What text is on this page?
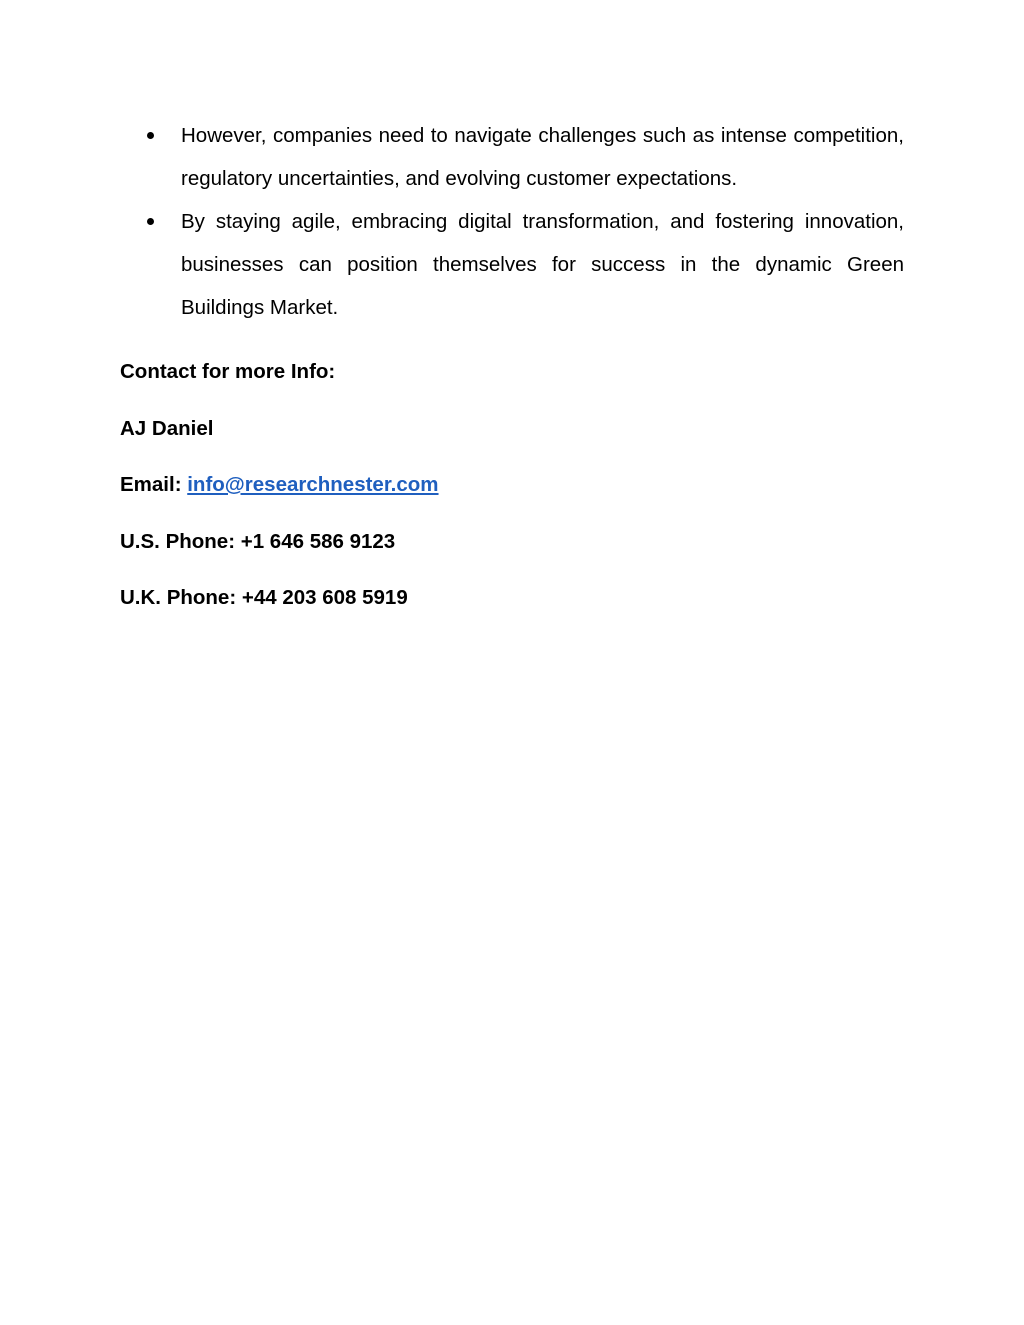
However, companies need to navigate challenges such as intense competition, regulatory uncertainties, and evolving customer expectations.
By staying agile, embracing digital transformation, and fostering innovation, businesses can position themselves for success in the dynamic Green Buildings Market.
Contact for more Info:
AJ Daniel
Email: info@researchnester.com
U.S. Phone: +1 646 586 9123
U.K. Phone: +44 203 608 5919
